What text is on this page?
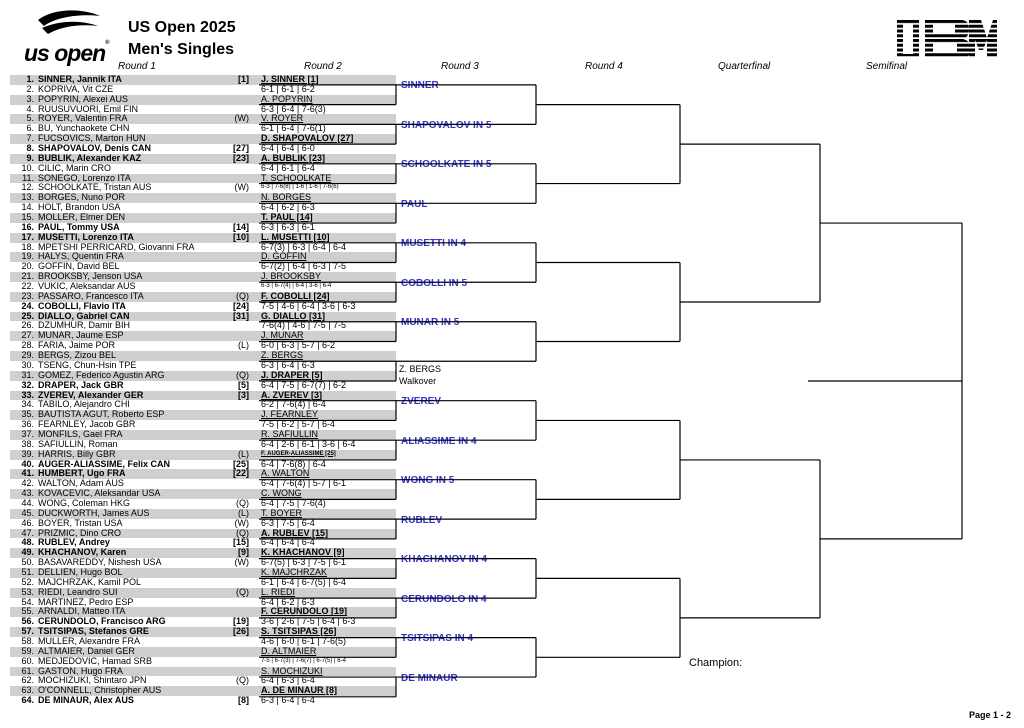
us open®
US Open 2025
Men's Singles
Round 1	Round 2	Round 3	Round 4	Quarterfinal	Semifinal
1. SINNER, Jannik ITA	[1]
2. KOPRIVA, Vit CZE
3. POPYRIN, Alexei AUS
4. RUUSUVUORI, Emil FIN
5. ROYER, Valentin FRA	(W)
6. BU, Yunchaokete CHN
7. FUCSOVICS, Marton HUN
8. SHAPOVALOV, Denis CAN	[27]
9. BUBLIK, Alexander KAZ	[23]
10. CILIC, Marin CRO
11. SONEGO, Lorenzo ITA
12. SCHOOLKATE, Tristan AUS	(W)
13. BORGES, Nuno POR
14. HOLT, Brandon USA
15. MOLLER, Elmer DEN
16. PAUL, Tommy USA	[14]
17. MUSETTI, Lorenzo ITA	[10]
18. MPETSHI PERRICARD, Giovanni FRA
19. HALYS, Quentin FRA
20. GOFFIN, David BEL
21. BROOKSBY, Jenson USA
22. VUKIC, Aleksandar AUS
23. PASSARO, Francesco ITA	(Q)
24. COBOLLI, Flavio ITA	[24]
25. DIALLO, Gabriel CAN	[31]
26. DZUMHUR, Damir BIH
27. MUNAR, Jaume ESP
28. FARIA, Jaime POR	(L)
29. BERGS, Zizou BEL
30. TSENG, Chun-Hsin TPE
31. GOMEZ, Federico Agustin ARG	(Q)
32. DRAPER, Jack GBR	[5]
33. ZVEREV, Alexander GER	[3]
34. TABILO, Alejandro CHI
35. BAUTISTA AGUT, Roberto ESP
36. FEARNLEY, Jacob GBR
37. MONFILS, Gael FRA
38. SAFIULLIN, Roman
39. HARRIS, Billy GBR	(L)
40. AUGER-ALIASSIME, Felix CAN	[25]
41. HUMBERT, Ugo FRA	[22]
42. WALTON, Adam AUS
43. KOVACEVIC, Aleksandar USA
44. WONG, Coleman HKG	(Q)
45. DUCKWORTH, James AUS	(L)
46. BOYER, Tristan USA	(W)
47. PRIZMIC, Dino CRO	(Q)
48. RUBLEV, Andrey	[15]
49. KHACHANOV, Karen	[9]
50. BASAVAREDDY, Nishesh USA	(W)
51. DELLIEN, Hugo BOL
52. MAJCHRZAK, Kamil POL
53. RIEDI, Leandro SUI	(Q)
54. MARTINEZ, Pedro ESP
55. ARNALDI, Matteo ITA
56. CERUNDOLO, Francisco ARG	[19]
57. TSITSIPAS, Stefanos GRE	[26]
58. MULLER, Alexandre FRA
59. ALTMAIER, Daniel GER
60. MEDJEDOVIC, Hamad SRB
61. GASTON, Hugo FRA
62. MOCHIZUKI, Shintaro JPN	(Q)
63. O'CONNELL, Christopher AUS
64. DE MINAUR, Alex AUS	[8]
J. SINNER [1]
6-1 | 6-1 | 6-2
A. POPYRIN
6-3 | 6-4 | 7-6(3)
V. ROYER
6-1 | 6-4 | 7-6(1)
D. SHAPOVALOV [27]
6-4 | 6-4 | 6-0
A. BUBLIK [23]
6-4 | 6-1 | 6-4
T. SCHOOLKATE
6-3 | 7-6(8) | 1-6 | 1-6 | 7-6(6)
N. BORGES
6-4 | 6-2 | 6-3
T. PAUL [14]
6-3 | 6-3 | 6-1
L. MUSETTI [10]
6-7(3) | 6-3 | 6-4 | 6-4
D. GOFFIN
6-7(2) | 6-4 | 6-3 | 7-5
J. BROOKSBY
6-3 | 6-7(4) | 6-4 | 3-6 | 6-4
F. COBOLLI [24]
7-5 | 4-6 | 6-4 | 3-6 | 6-3
G. DIALLO [31]
7-6(4) | 4-6 | 7-5 | 7-5
J. MUNAR
6-0 | 6-3 | 5-7 | 6-2
Z. BERGS
6-3 | 6-4 | 6-3
J. DRAPER [5]
6-4 | 7-5 | 6-7(7) | 6-2
A. ZVEREV [3]
6-2 | 7-6(4) | 6-4
J. FEARNLEY
7-5 | 6-2 | 5-7 | 6-4
R. SAFIULLIN
6-4 | 2-6 | 6-1 | 3-6 | 6-4
F. AUGER-ALIASSIME [25]
6-4 | 7-6(8) | 6-4
A. WALTON
6-4 | 7-6(4) | 5-7 | 6-1
C. WONG
6-4 | 7-5 | 7-6(4)
T. BOYER
6-3 | 7-5 | 6-4
A. RUBLEV [15]
6-4 | 6-4 | 6-4
K. KHACHANOV [9]
6-7(5) | 6-3 | 7-5 | 6-1
K. MAJCHRZAK
6-1 | 6-4 | 6-7(5) | 6-4
L. RIEDI
6-4 | 6-2 | 6-3
F. CERUNDOLO [19]
3-6 | 2-6 | 7-5 | 6-4 | 6-3
S. TSITSIPAS [26]
4-6 | 6-0 | 6-1 | 7-6(5)
D. ALTMAIER
7-5 | 6-7(3) | 7-6(7) | 6-7(5) | 6-4
S. MOCHIZUKI
6-4 | 6-3 | 6-4
A. DE MINAUR [8]
6-3 | 6-4 | 6-4
SINNER
SHAPOVALOV IN 5
SCHOOLKATE IN 5
PAUL
MUSETTI IN 4
COBOLLI IN 5
MUNAR IN 5
Z. BERGS
Walkover
ZVEREV
ALIASSIME IN 4
WONG IN 5
RUBLEV
KHACHANOV IN 4
CERUNDOLO IN 4
TSITSIPAS IN 4
DE MINAUR
Champion:
Page 1 - 2
